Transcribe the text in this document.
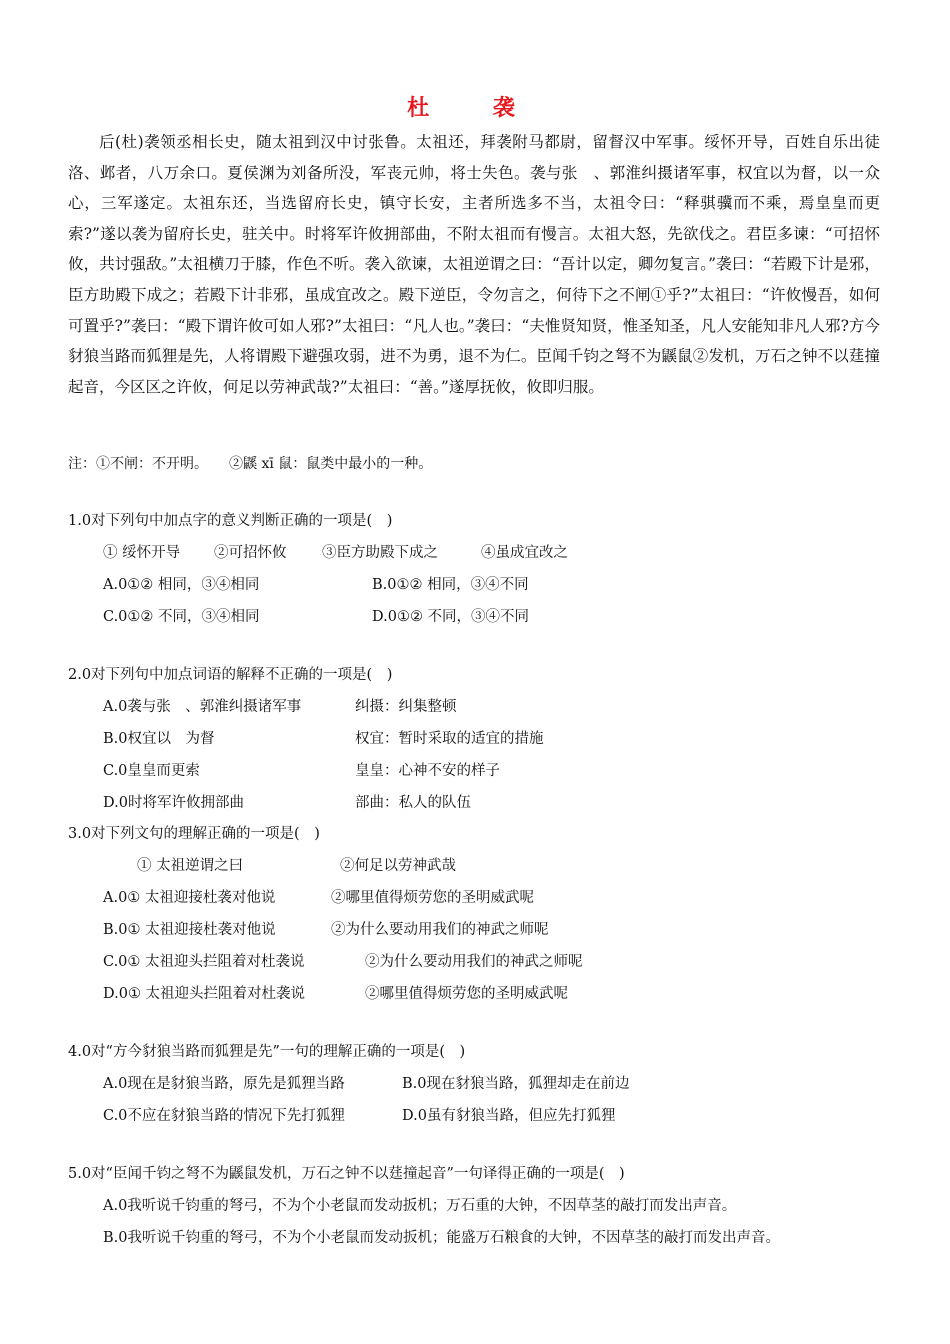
杜 袭

后(杜)袭领丞相长史，随太祖到汉中讨张鲁。太祖还，拜袭附马都尉，留督汉中军事。绥怀开导，百姓自乐出徒洛、邺者，八万余口。夏侯渊为刘备所没，军丧元帅，将士失色。袭与张　、郭淮纠摄诸军事，权宜以为督，以一众心，三军遂定。太祖东还，当选留府长史，镇守长安，主者所选多不当，太祖令曰：“释骐骥而不乘，焉皇皇而更索?”遂以袭为留府长史，驻关中。时将军许攸拥部曲，不附太祖而有慢言。太祖大怒，先欲伐之。君臣多谏：“可招怀攸，共讨强敌。”太祖横刀于膝，作色不听。袭入欲谏，太祖逆谓之曰：“吾计以定，卿勿复言。”袭曰：“若殿下计是邪，臣方助殿下成之；若殿下计非邪，虽成宜改之。殿下逆臣，令勿言之，何待下之不闸①乎?”太祖曰：“许攸慢吾，如何可置乎?”袭曰：“殿下谓许攸可如人邪?”太祖曰：“凡人也。”袭曰：“夫惟贤知贤，惟圣知圣，凡人安能知非凡人邪?方今豺狼当路而狐狸是先，人将谓殿下避强攻弱，进不为勇，退不为仁。臣闻千钧之弩不为鼷鼠②发机，万石之钟不以莛撞起音，今区区之许攸，何足以劳神武哉?”太祖曰：“善。”遂厚抚攸，攸即归服。

注：①不闸：不开明。　　②鼷 xī 鼠：鼠类中最小的一种。

1.0对下列句中加点字的意义判断正确的一项是(　)

① 绥怀开导 ②可招怀攸 ③臣方助殿下成之	④虽成宜改之
A.0①② 相同，③④相同	B.0①② 相同，③④不同
C.0①② 不同，③④相同	D.0①② 不同，③④不同

2.0对下列句中加点词语的解释不正确的一项是(　)

A.0袭与张　、郭淮纠摄诸军事	纠摄：纠集整顿
B.0权宜以　为督	权宜：暂时采取的适宜的措施
C.0皇皇而更索	皇皇：心神不安的样子
D.0时将军许攸拥部曲	部曲：私人的队伍

3.0对下列文句的理解正确的一项是(　)

① 太祖逆谓之曰	②何足以劳神武哉
A.0① 太祖迎接杜袭对他说	②哪里值得烦劳您的圣明威武呢
B.0① 太祖迎接杜袭对他说	②为什么要动用我们的神武之师呢
C.0① 太祖迎头拦阻着对杜袭说	②为什么要动用我们的神武之师呢
D.0① 太祖迎头拦阻着对杜袭说	②哪里值得烦劳您的圣明威武呢

4.0对“方今豺狼当路而狐狸是先”一句的理解正确的一项是(　)

A.0现在是豺狼当路，原先是狐狸当路	B.0现在豺狼当路，狐狸却走在前边
C.0不应在豺狼当路的情况下先打狐狸	D.0虽有豺狼当路，但应先打狐狸

5.0对“臣闻千钧之弩不为鼷鼠发机，万石之钟不以莛撞起音”一句译得正确的一项是(　)

A.0我听说千钧重的弩弓，不为个小老鼠而发动扳机；万石重的大钟，不因草茎的敲打而发出声音。
B.0我听说千钧重的弩弓，不为个小老鼠而发动扳机；能盛万石粮食的大钟，不因草茎的敲打而发出声音。
